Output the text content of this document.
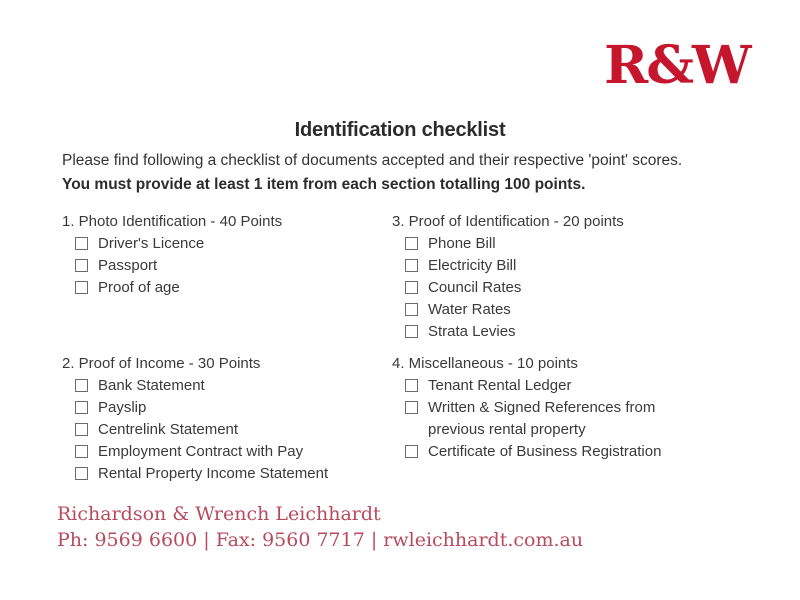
R&W
Identification checklist
Please find following a checklist of documents accepted and their respective 'point' scores.
You must provide at least 1 item from each section totalling 100 points.
1. Photo Identification - 40 Points
Driver's Licence
Passport
Proof of age
2. Proof of Income - 30 Points
Bank Statement
Payslip
Centrelink Statement
Employment Contract with Pay
Rental Property Income Statement
3. Proof of Identification - 20 points
Phone Bill
Electricity Bill
Council Rates
Water Rates
Strata Levies
4. Miscellaneous - 10 points
Tenant Rental Ledger
Written & Signed References from previous rental property
Certificate of Business Registration
Richardson & Wrench Leichhardt
Ph: 9569 6600 | Fax: 9560 7717 | rwleichhardt.com.au
